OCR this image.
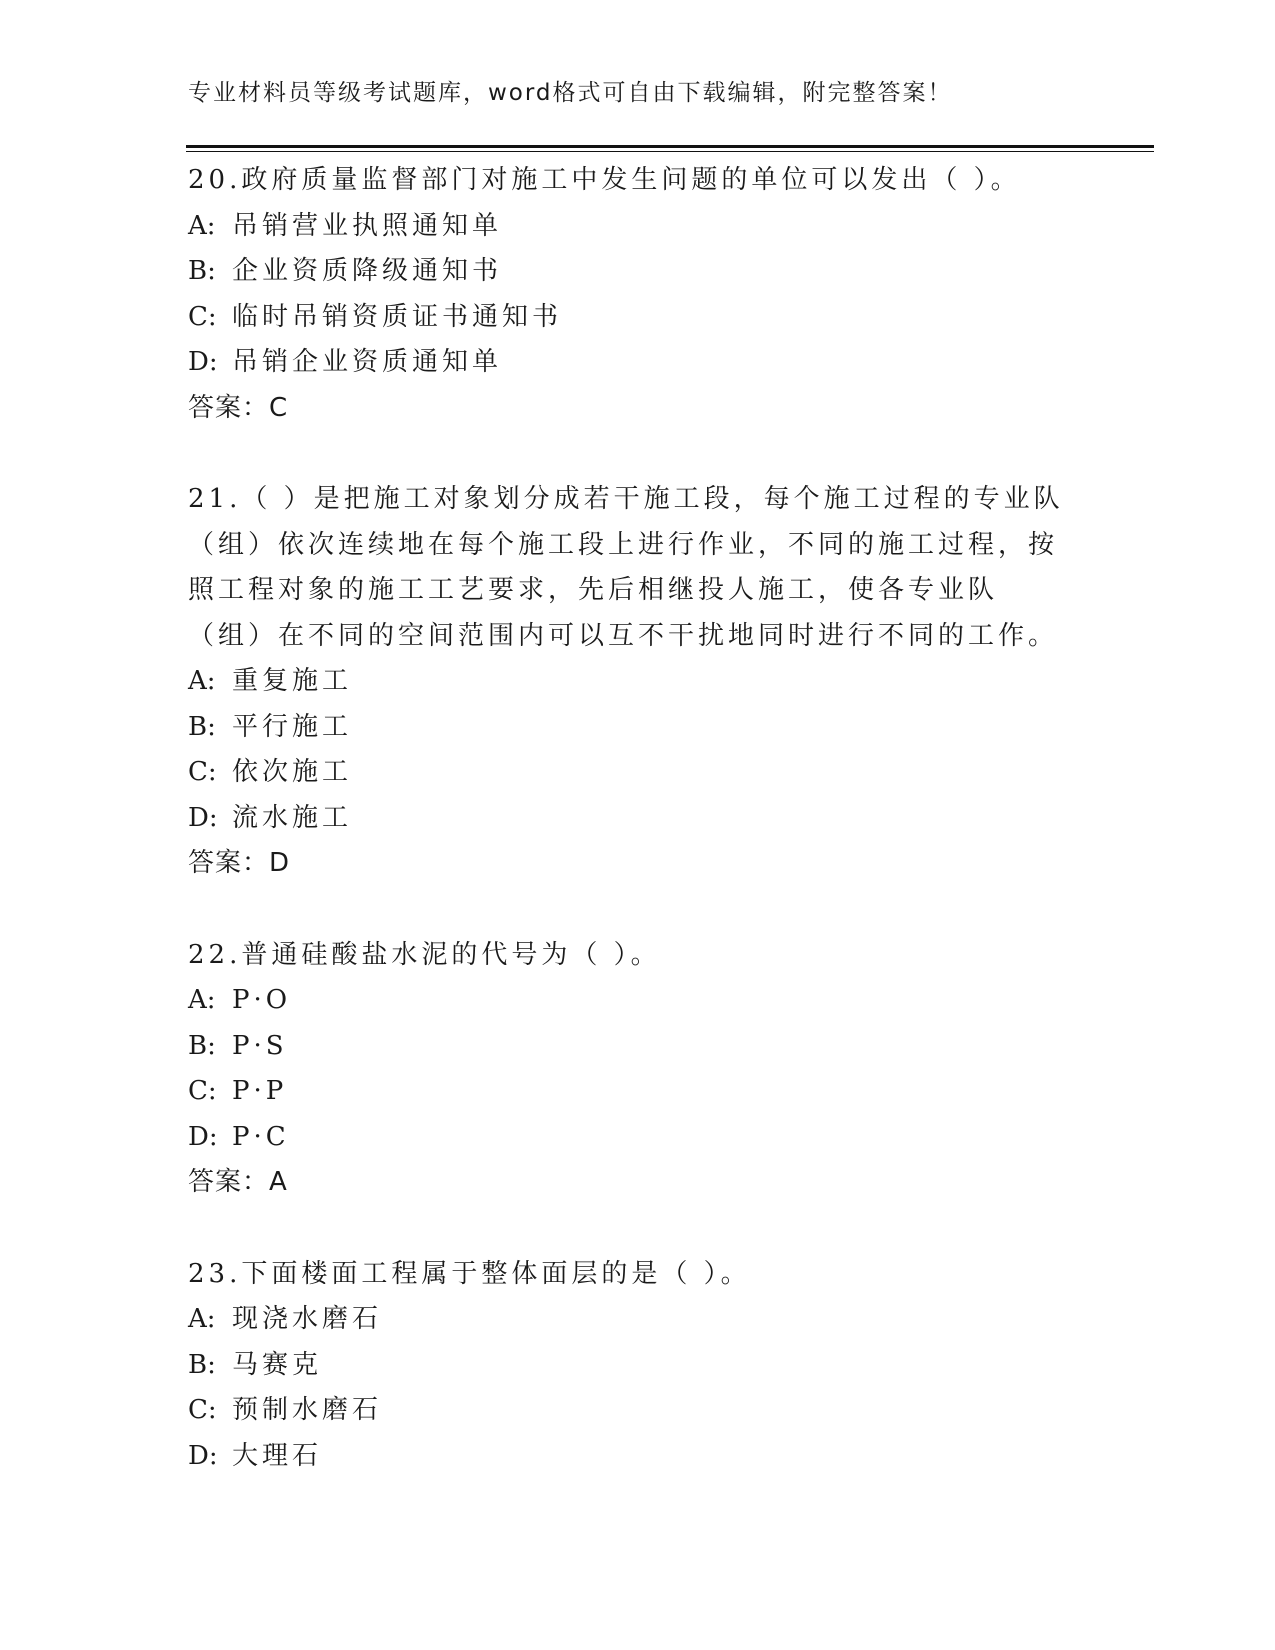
专业材料员等级考试题库，word格式可自由下载编辑，附完整答案！
20.政府质量监督部门对施工中发生问题的单位可以发出（ ）。
A: 吊销营业执照通知单
B: 企业资质降级通知书
C: 临时吊销资质证书通知书
D: 吊销企业资质通知单
答案：C
21.（ ）是把施工对象划分成若干施工段，每个施工过程的专业队（组）依次连续地在每个施工段上进行作业，不同的施工过程，按照工程对象的施工工艺要求，先后相继投人施工，使各专业队（组）在不同的空间范围内可以互不干扰地同时进行不同的工作。
A: 重复施工
B: 平行施工
C: 依次施工
D: 流水施工
答案：D
22.普通硅酸盐水泥的代号为（ ）。
A: P·O
B: P·S
C: P·P
D: P·C
答案：A
23.下面楼面工程属于整体面层的是（ ）。
A: 现浇水磨石
B: 马赛克
C: 预制水磨石
D: 大理石
